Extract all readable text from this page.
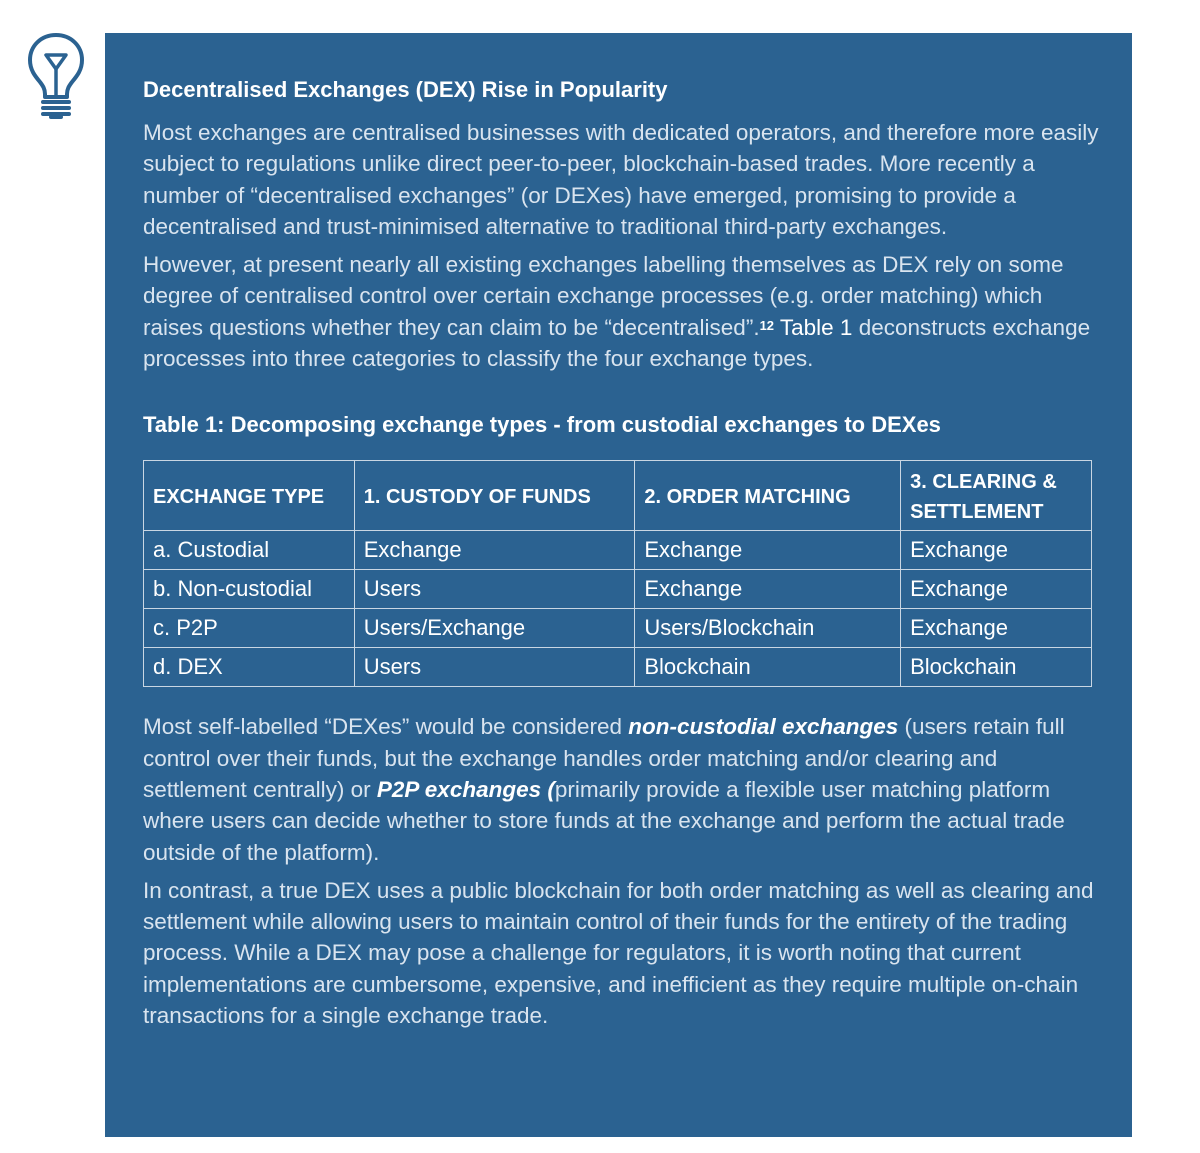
Decentralised Exchanges (DEX) Rise in Popularity

Most exchanges are centralised businesses with dedicated operators, and therefore more easily subject to regulations unlike direct peer-to-peer, blockchain-based trades. More recently a number of “decentralised exchanges” (or DEXes) have emerged, promising to provide a decentralised and trust-minimised alternative to traditional third-party exchanges.

However, at present nearly all existing exchanges labelling themselves as DEX rely on some degree of centralised control over certain exchange processes (e.g. order matching) which raises questions whether they can claim to be “decentralised”.$^{12}$ Table 1 deconstructs exchange processes into three categories to classify the four exchange types.

Table 1: Decomposing exchange types - from custodial exchanges to DEXes
EXCHANGE TYPE	1. CUSTODY OF FUNDS	2. ORDER MATCHING	3. CLEARING & SETTLEMENT
a. Custodial	Exchange	Exchange	Exchange
b. Non-custodial	Users	Exchange	Exchange
c. P2P	Users/Exchange	Users/Blockchain	Exchange
d. DEX	Users	Blockchain	Blockchain

Most self-labelled “DEXes” would be considered non-custodial exchanges (users retain full control over their funds, but the exchange handles order matching and/or clearing and settlement centrally) or P2P exchanges (primarily provide a flexible user matching platform where users can decide whether to store funds at the exchange and perform the actual trade outside of the platform).

In contrast, a true DEX uses a public blockchain for both order matching as well as clearing and settlement while allowing users to maintain control of their funds for the entirety of the trading process. While a DEX may pose a challenge for regulators, it is worth noting that current implementations are cumbersome, expensive, and inefficient as they require multiple on-chain transactions for a single exchange trade.
